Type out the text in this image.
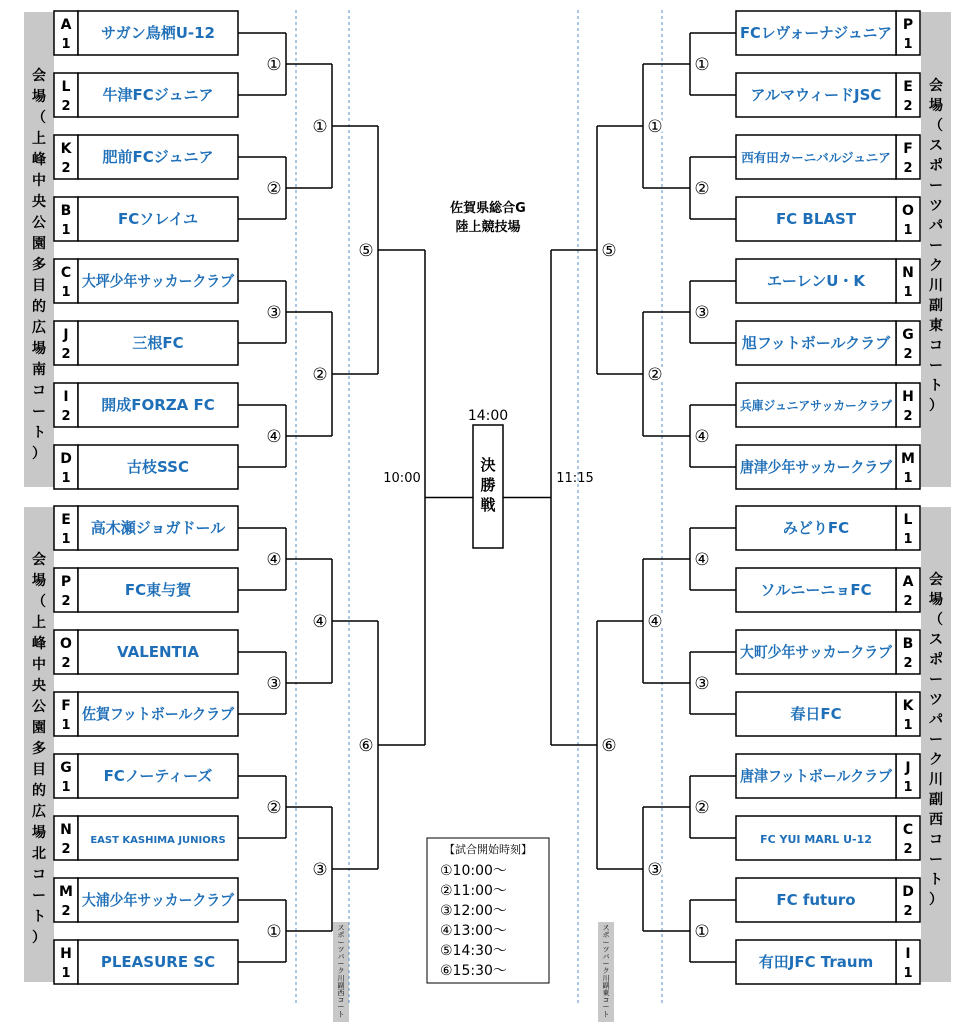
会場（上峰中央公園多目的広場南コート）
会場（上峰中央公園多目的広場北コート）
会場（スポーツパーク川副東コート）
会場（スポーツパーク川副西コート）
スポーツパーク川副西コート
スポーツパーク川副東コート
A
1
サガン鳥栖U-12
L
2
牛津FCジュニア
K
2
肥前FCジュニア
B
1
FCソレイユ
C
1
大坪少年サッカークラブ
J
2
三根FC
I
2
開成FORZA FC
D
1
古枝SSC
E
1
高木瀬ジョガドール
P
2
FC東与賀
O
2
VALENTIA
F
1
佐賀フットボールクラブ
G
1
FCノーティーズ
N
2
EAST KASHIMA JUNIORS
M
2
大浦少年サッカークラブ
H
1
PLEASURE SC
P
1
FCレヴォーナジュニア
E
2
アルマウィードJSC
F
2
西有田カーニバルジュニア
O
1
FC BLAST
N
1
エーレンU・K
G
2
旭フットボールクラブ
H
2
兵庫ジュニアサッカークラブ
M
1
唐津少年サッカークラブ
L
1
みどりFC
A
2
ソルニーニョFC
B
2
大町少年サッカークラブ
K
1
春日FC
J
1
唐津フットボールクラブ
C
2
FC YUI MARL U-12
D
2
FC futuro
I
1
有田JFC Traum
①
②
③
④
④
③
②
①
①
②
④
③
⑤
⑥
①
②
③
④
④
③
②
①
①
②
④
③
⑤
⑥
14:00
決勝戦
10:00	11:15
佐賀県総合G
陸上競技場
【試合開始時刻】
①10:00～
②11:00～
③12:00～
④13:00～
⑤14:30～
⑥15:30～
